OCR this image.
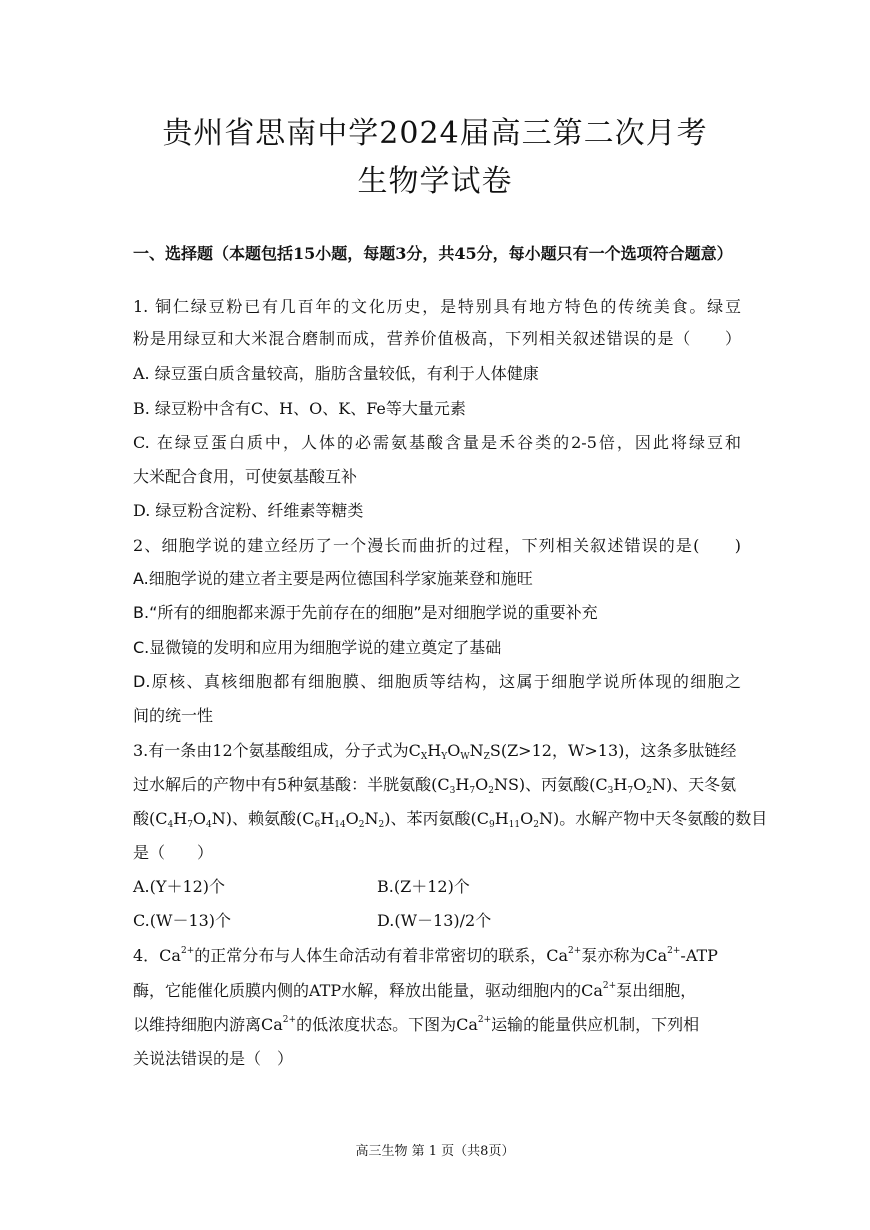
贵州省思南中学2024届高三第二次月考
生物学试卷
一、选择题（本题包括15小题，每题3分，共45分，每小题只有一个选项符合题意）
1. 铜仁绿豆粉已有几百年的文化历史，是特别具有地方特色的传统美食。绿豆
粉是用绿豆和大米混合磨制而成，营养价值极高，下列相关叙述错误的是（　　）
A. 绿豆蛋白质含量较高，脂肪含量较低，有利于人体健康
B. 绿豆粉中含有C、H、O、K、Fe等大量元素
C. 在绿豆蛋白质中，人体的必需氨基酸含量是禾谷类的2-5倍，因此将绿豆和
大米配合食用，可使氨基酸互补
D. 绿豆粉含淀粉、纤维素等糖类
2、细胞学说的建立经历了一个漫长而曲折的过程，下列相关叙述错误的是(　　)
A.细胞学说的建立者主要是两位德国科学家施莱登和施旺
B.“所有的细胞都来源于先前存在的细胞”是对细胞学说的重要补充
C.显微镜的发明和应用为细胞学说的建立奠定了基础
D.原核、真核细胞都有细胞膜、细胞质等结构，这属于细胞学说所体现的细胞之
间的统一性
3.有一条由12个氨基酸组成，分子式为$C_XH_YO_WN_ZS(Z>12$，W>13)，这条多肽链经
过水解后的产物中有5种氨基酸：半胱氨酸$(C_3H_7O_2NS)$、丙氨酸$(C_3H_7O_2N)$、天冬氨
酸$(C_4H_7O_4N)$、赖氨酸$(C_6H_{14}O_2N_2)$、苯丙氨酸$(C_9H_{11}O_2N)$。水解产物中天冬氨酸的数目
是（　　）
A.(Y＋12)个	B.(Z＋12)个
C.(W－13)个	D.(W－13)/2个
4．$Ca^{2+}$的正常分布与人体生命活动有着非常密切的联系，$Ca^{2+}$泵亦称为$Ca^{2+}$-ATP
酶，它能催化质膜内侧的ATP水解，释放出能量，驱动细胞内的$Ca^{2+}$泵出细胞，
以维持细胞内游离$Ca^{2+}$的低浓度状态。下图为$Ca^{2+}$运输的能量供应机制，下列相
关说法错误的是（　）
高三生物 第 1 页（共8页）
